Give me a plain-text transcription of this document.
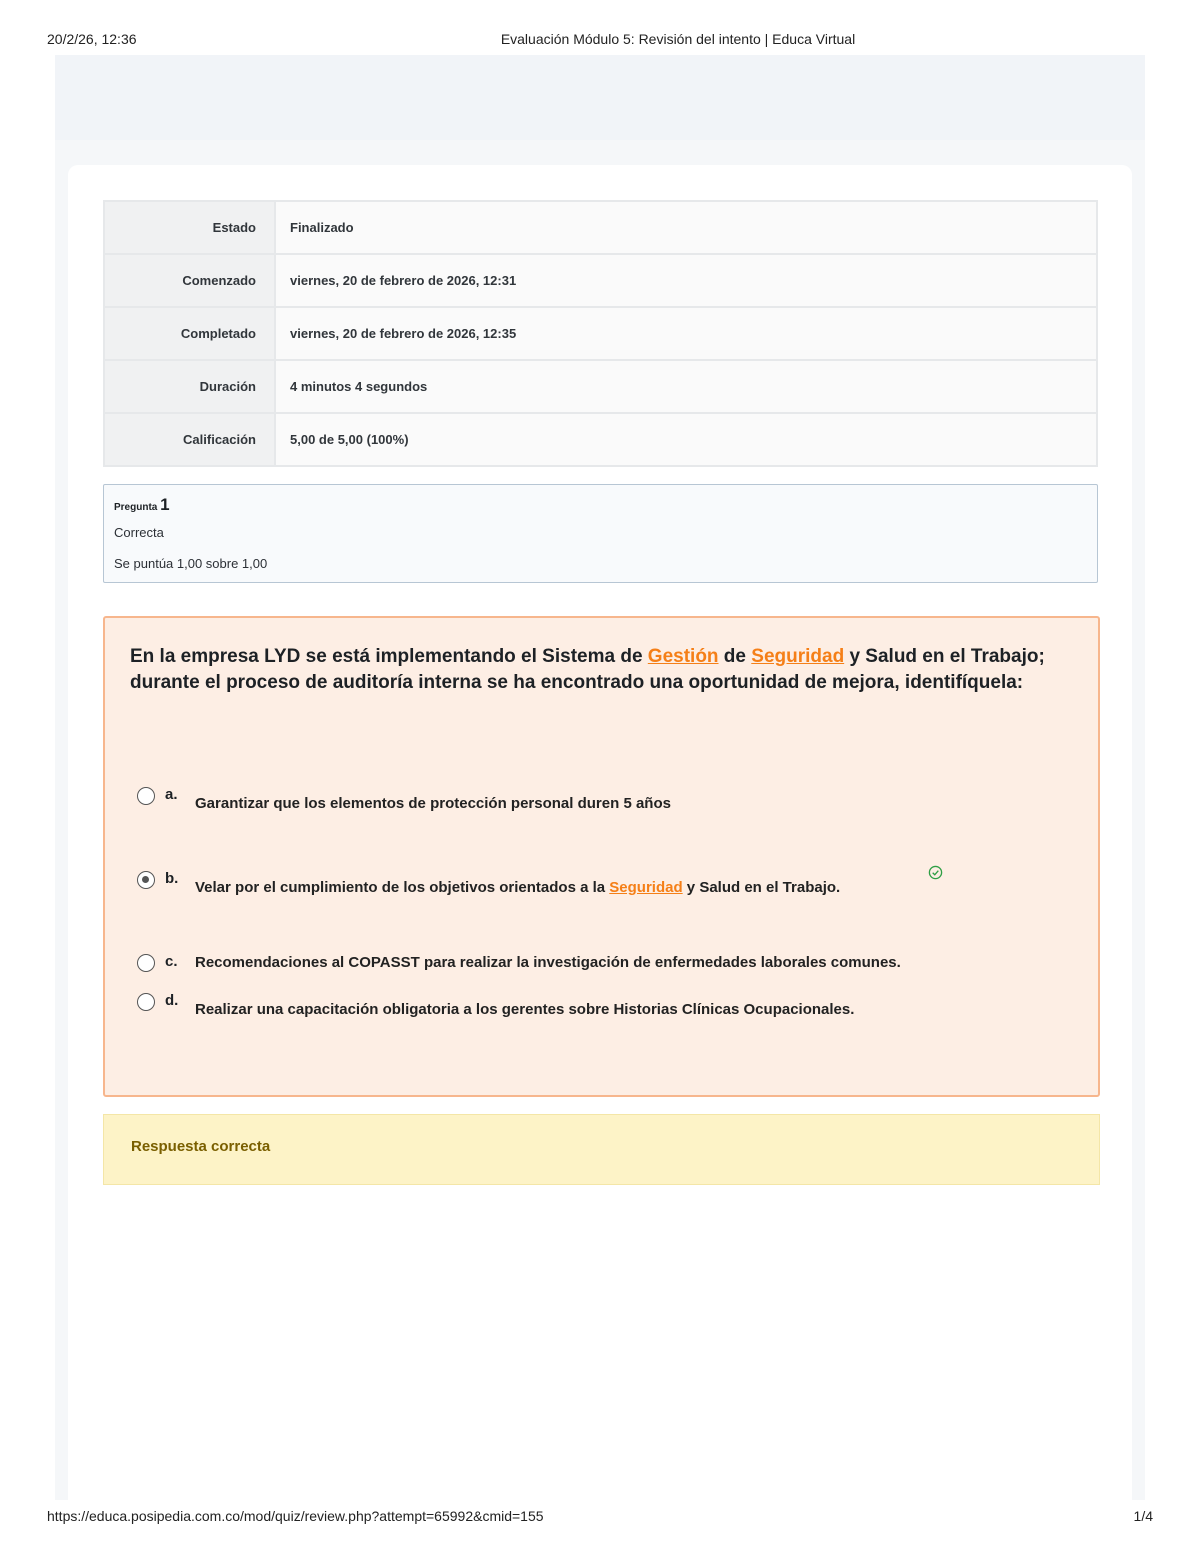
20/2/26, 12:36	Evaluación Módulo 5: Revisión del intento | Educa Virtual
Estado	Finalizado
Comenzado	viernes, 20 de febrero de 2026, 12:31
Completado	viernes, 20 de febrero de 2026, 12:35
Duración	4 minutos 4 segundos
Calificación	5,00 de 5,00 (100%)
Pregunta 1
Correcta
Se puntúa 1,00 sobre 1,00
En la empresa LYD se está implementando el Sistema de Gestión de Seguridad y Salud en el Trabajo; durante el proceso de auditoría interna se ha encontrado una oportunidad de mejora, identifíquela:
a.
Garantizar que los elementos de protección personal duren 5 años
b.
Velar por el cumplimiento de los objetivos orientados a la Seguridad y Salud en el Trabajo.
c. Recomendaciones al COPASST para realizar la investigación de enfermedades laborales comunes.
d.
Realizar una capacitación obligatoria a los gerentes sobre Historias Clínicas Ocupacionales.
Respuesta correcta
https://educa.posipedia.com.co/mod/quiz/review.php?attempt=65992&cmid=155	1/4
